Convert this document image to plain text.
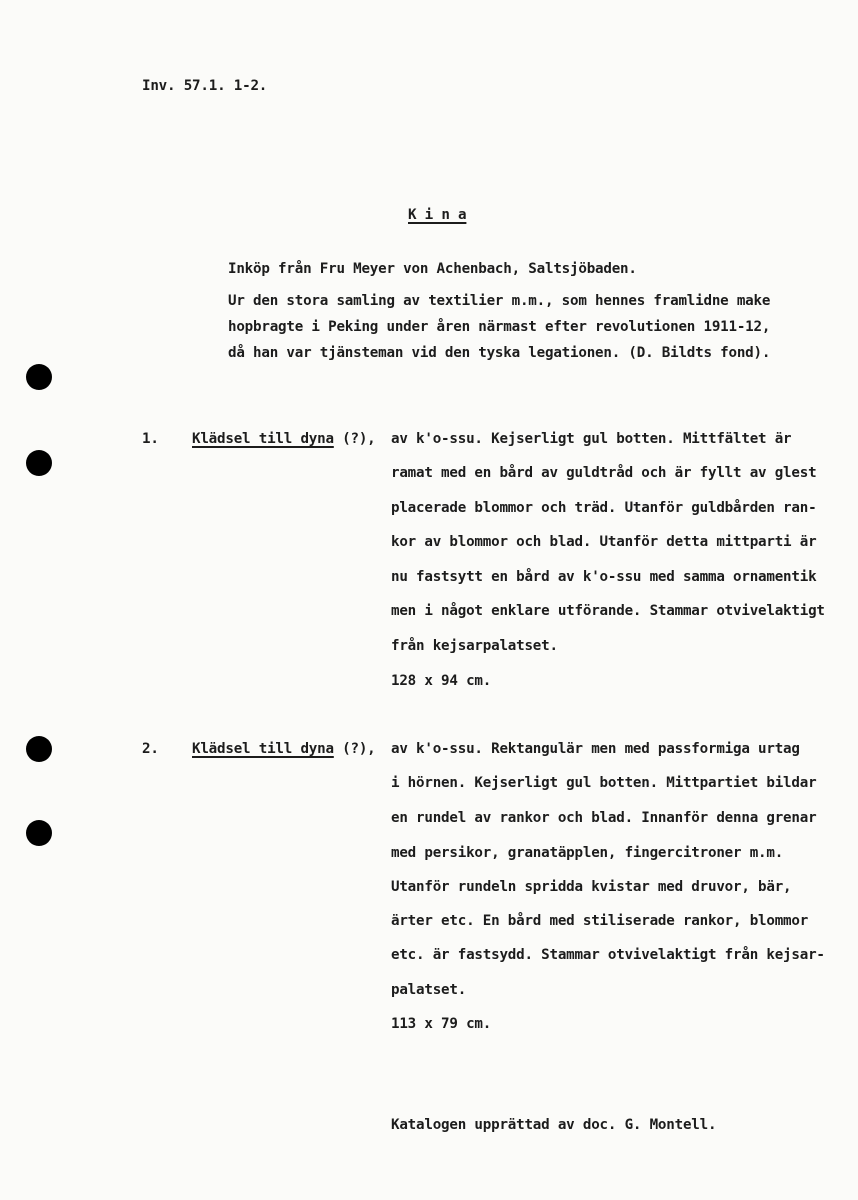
Inv. 57.1. 1-2.
K i n a
Inköp från Fru Meyer von Achenbach, Saltsjöbaden.
Ur den stora samling av textilier m.m., som hennes framlidne make
hopbragte i Peking under åren närmast efter revolutionen 1911-12,
då han var tjänsteman vid den tyska legationen. (D. Bildts fond).
1. Klädsel till dyna (?), av k'o-ssu. Kejserligt gul botten. Mittfältet är
ramat med en bård av guldtråd och är fyllt av glest
placerade blommor och träd. Utanför guldbården ran-
kor av blommor och blad. Utanför detta mittparti är
nu fastsytt en bård av k'o-ssu med samma ornamentik
men i något enklare utförande. Stammar otvivelaktigt
från kejsarpalatset.
128 x 94 cm.
2. Klädsel till dyna (?), av k'o-ssu. Rektangulär men med passformiga urtag
i hörnen. Kejserligt gul botten. Mittpartiet bildar
en rundel av rankor och blad. Innanför denna grenar
med persikor, granatäpplen, fingercitroner m.m.
Utanför rundeln spridda kvistar med druvor, bär,
ärter etc. En bård med stiliserade rankor, blommor
etc. är fastsydd. Stammar otvivelaktigt från kejsar-
palatset.
113 x 79 cm.
Katalogen upprättad av doc. G. Montell.
